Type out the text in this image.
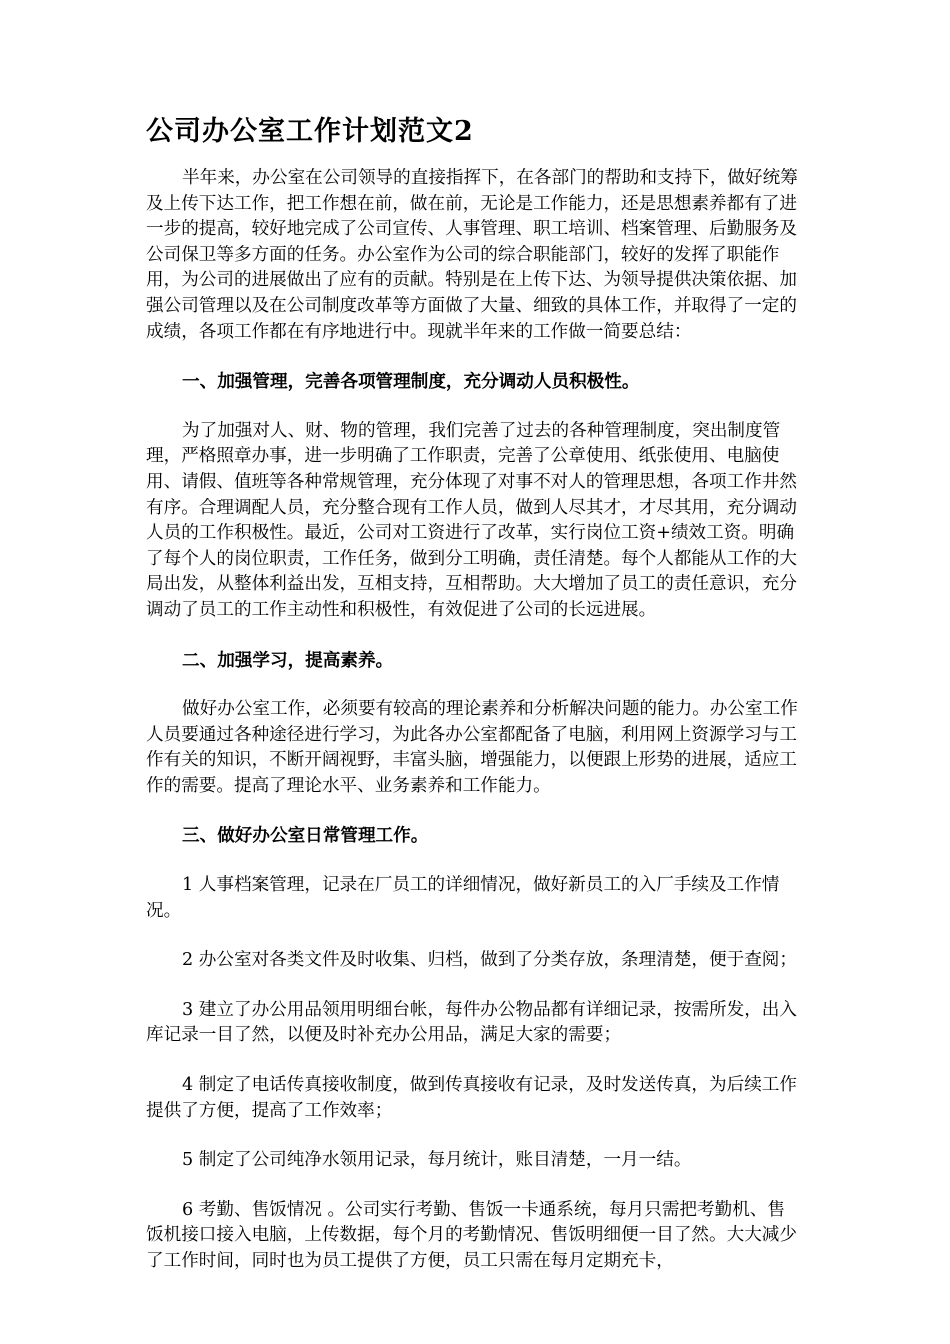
公司办公室工作计划范文2

半年来，办公室在公司领导的直接指挥下，在各部门的帮助和支持下，做好统筹及上传下达工作，把工作想在前，做在前，无论是工作能力，还是思想素养都有了进一步的提高，较好地完成了公司宣传、人事管理、职工培训、档案管理、后勤服务及公司保卫等多方面的任务。办公室作为公司的综合职能部门，较好的发挥了职能作用，为公司的进展做出了应有的贡献。特别是在上传下达、为领导提供决策依据、加强公司管理以及在公司制度改革等方面做了大量、细致的具体工作，并取得了一定的成绩，各项工作都在有序地进行中。现就半年来的工作做一简要总结：

一、加强管理，完善各项管理制度，充分调动人员积极性。

为了加强对人、财、物的管理，我们完善了过去的各种管理制度，突出制度管理，严格照章办事，进一步明确了工作职责，完善了公章使用、纸张使用、电脑使用、请假、值班等各种常规管理，充分体现了对事不对人的管理思想，各项工作井然有序。合理调配人员，充分整合现有工作人员，做到人尽其才，才尽其用，充分调动人员的工作积极性。最近，公司对工资进行了改革，实行岗位工资+绩效工资。明确了每个人的岗位职责，工作任务，做到分工明确，责任清楚。每个人都能从工作的大局出发，从整体利益出发，互相支持，互相帮助。大大增加了员工的责任意识，充分调动了员工的工作主动性和积极性，有效促进了公司的长远进展。

二、加强学习，提高素养。

做好办公室工作，必须要有较高的理论素养和分析解决问题的能力。办公室工作人员要通过各种途径进行学习，为此各办公室都配备了电脑，利用网上资源学习与工作有关的知识，不断开阔视野，丰富头脑，增强能力，以便跟上形势的进展，适应工作的需要。提高了理论水平、业务素养和工作能力。

三、做好办公室日常管理工作。

1 人事档案管理，记录在厂员工的详细情况，做好新员工的入厂手续及工作情况。

2 办公室对各类文件及时收集、归档，做到了分类存放，条理清楚，便于查阅；

3 建立了办公用品领用明细台帐，每件办公物品都有详细记录，按需所发，出入库记录一目了然，以便及时补充办公用品，满足大家的需要；

4 制定了电话传真接收制度，做到传真接收有记录，及时发送传真，为后续工作提供了方便，提高了工作效率；

5 制定了公司纯净水领用记录，每月统计，账目清楚，一月一结。

6 考勤、售饭情况 。公司实行考勤、售饭一卡通系统，每月只需把考勤机、售饭机接口接入电脑，上传数据，每个月的考勤情况、售饭明细便一目了然。大大减少了工作时间，同时也为员工提供了方便，员工只需在每月定期充卡，
